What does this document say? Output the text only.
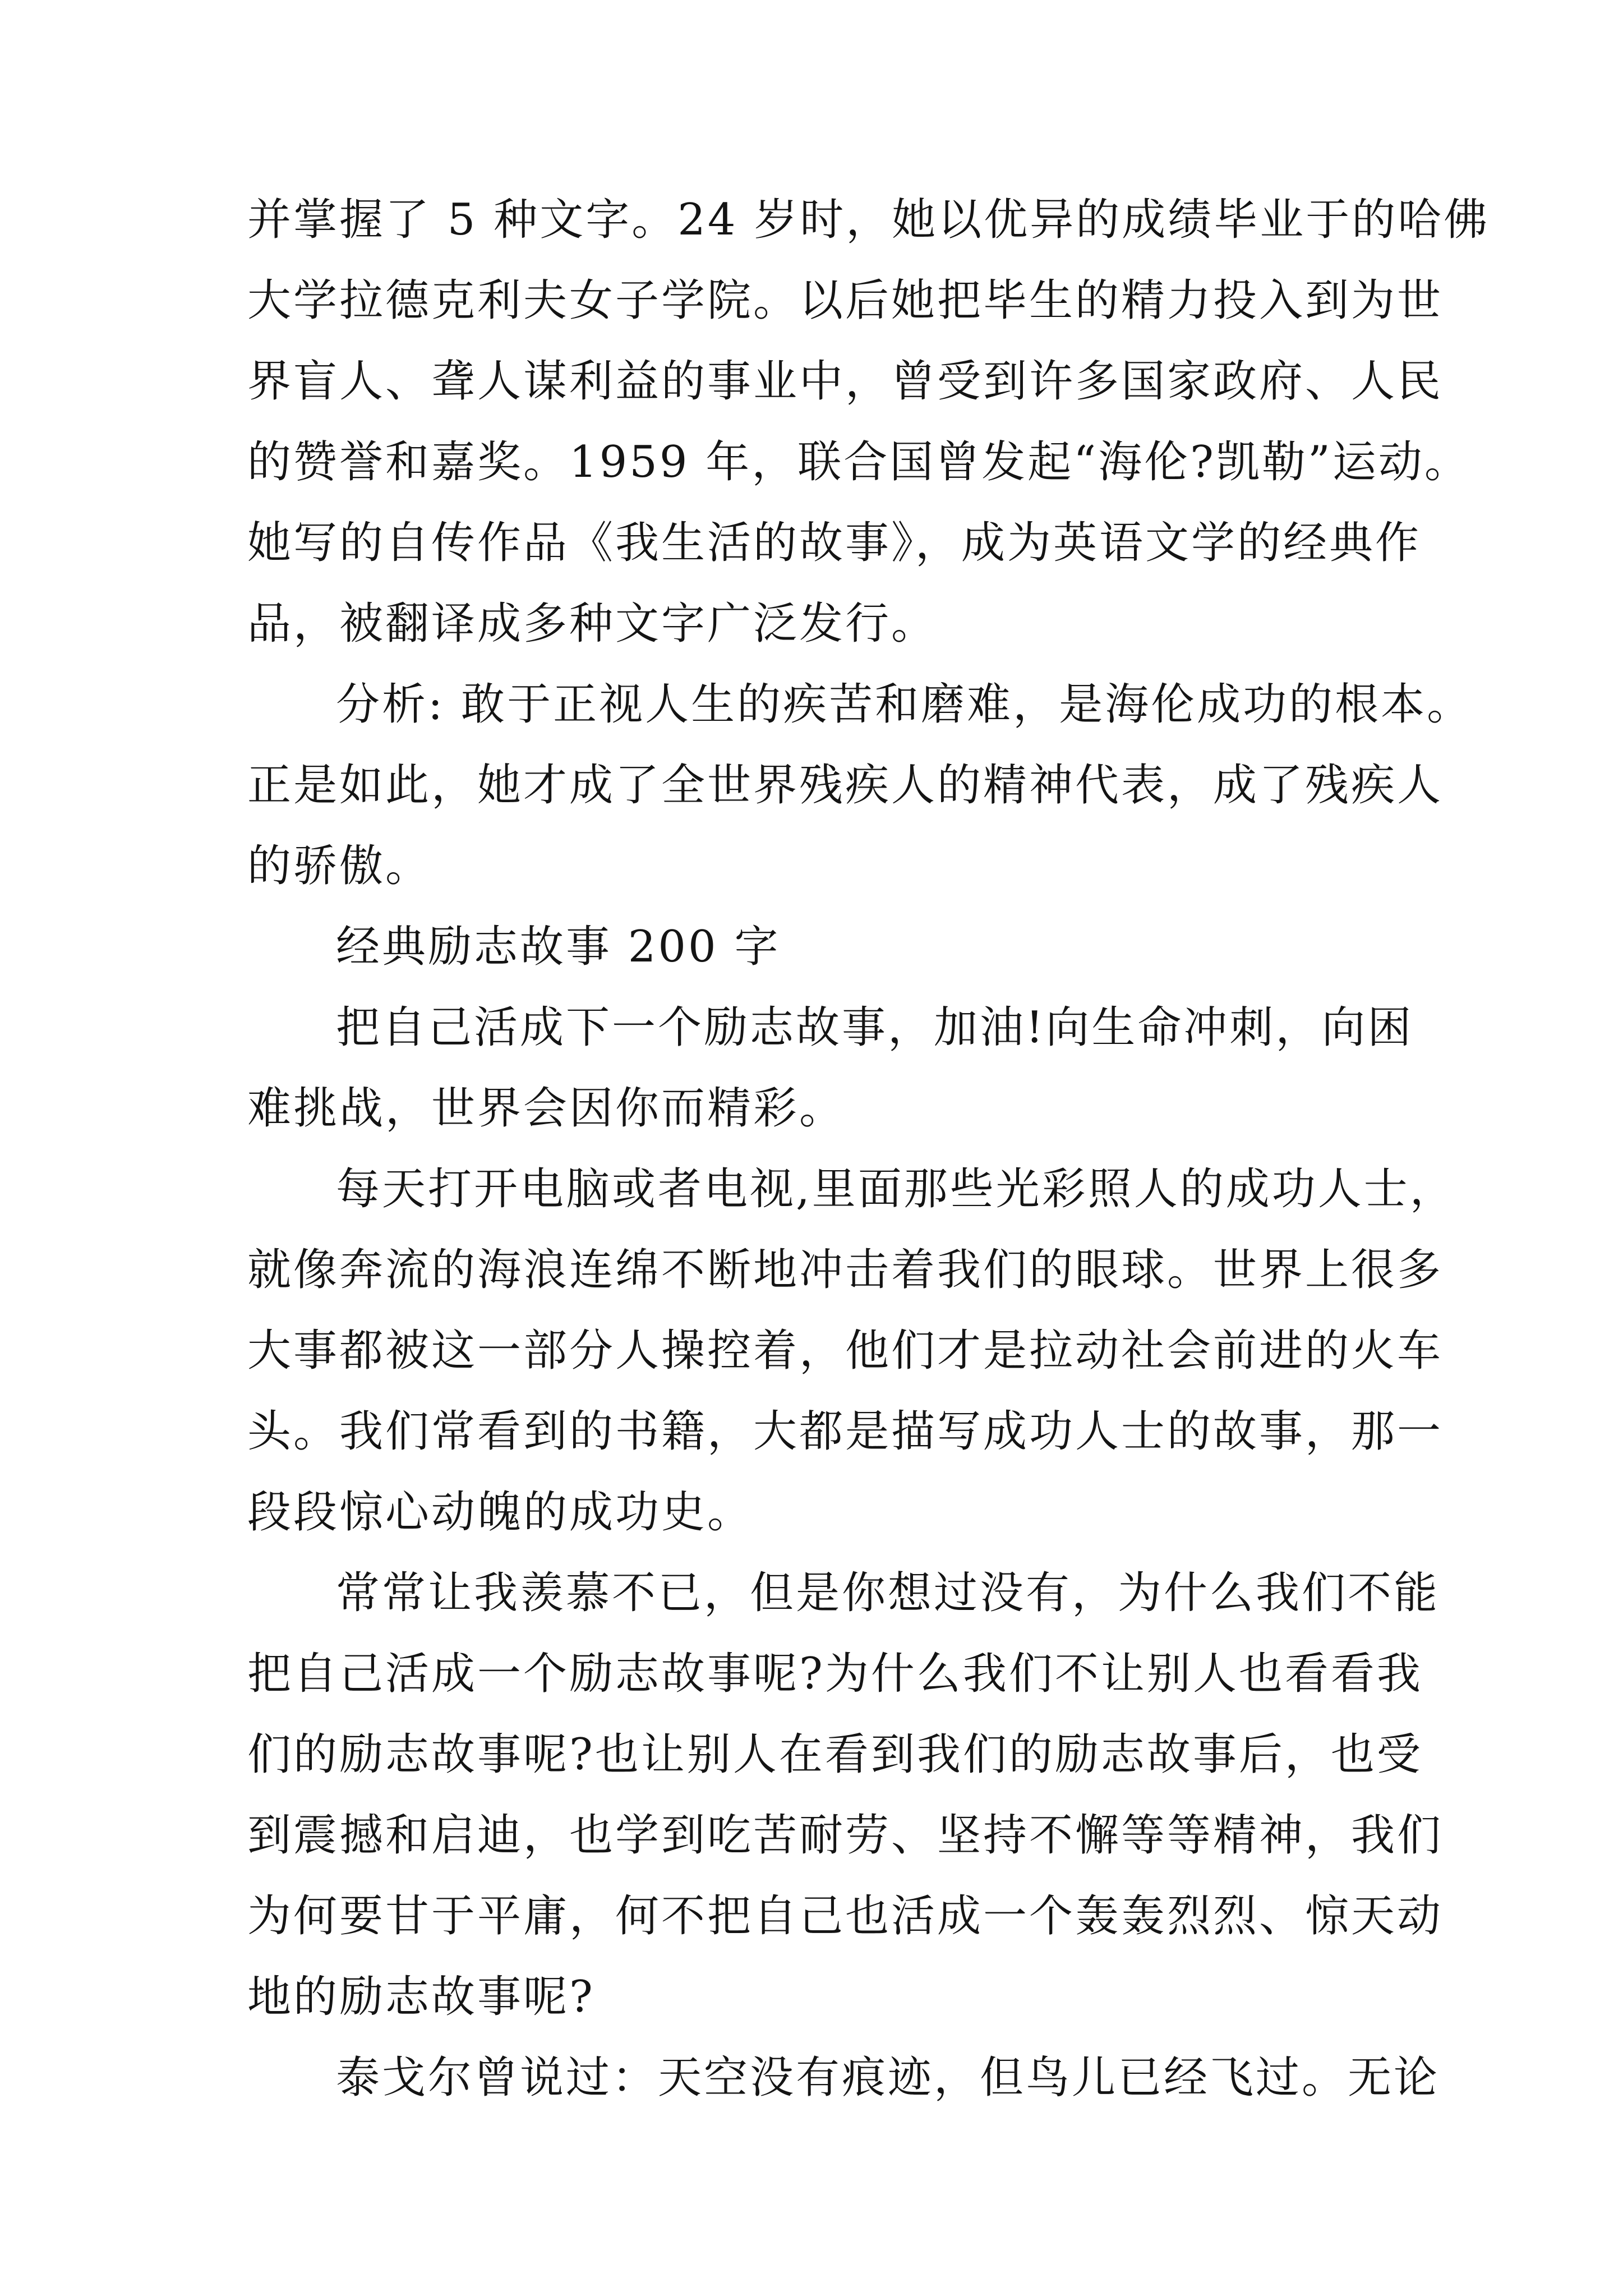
并掌握了 5 种文字。24 岁时，她以优异的成绩毕业于的哈佛
大学拉德克利夫女子学院。以后她把毕生的精力投入到为世
界盲人、聋人谋利益的事业中，曾受到许多国家政府、人民
的赞誉和嘉奖。1959 年，联合国曾发起“海伦?凯勒”运动。
她写的自传作品《我生活的故事》，成为英语文学的经典作
品，被翻译成多种文字广泛发行。
分析: 敢于正视人生的疾苦和磨难，是海伦成功的根本。
正是如此，她才成了全世界残疾人的精神代表，成了残疾人
的骄傲。
经典励志故事 200 字
把自己活成下一个励志故事，加油!向生命冲刺，向困
难挑战，世界会因你而精彩。
每天打开电脑或者电视,里面那些光彩照人的成功人士，
就像奔流的海浪连绵不断地冲击着我们的眼球。世界上很多
大事都被这一部分人操控着，他们才是拉动社会前进的火车
头。我们常看到的书籍，大都是描写成功人士的故事，那一
段段惊心动魄的成功史。
常常让我羡慕不已，但是你想过没有，为什么我们不能
把自己活成一个励志故事呢?为什么我们不让别人也看看我
们的励志故事呢?也让别人在看到我们的励志故事后，也受
到震撼和启迪，也学到吃苦耐劳、坚持不懈等等精神，我们
为何要甘于平庸，何不把自己也活成一个轰轰烈烈、惊天动
地的励志故事呢?
泰戈尔曾说过：天空没有痕迹，但鸟儿已经飞过。无论
